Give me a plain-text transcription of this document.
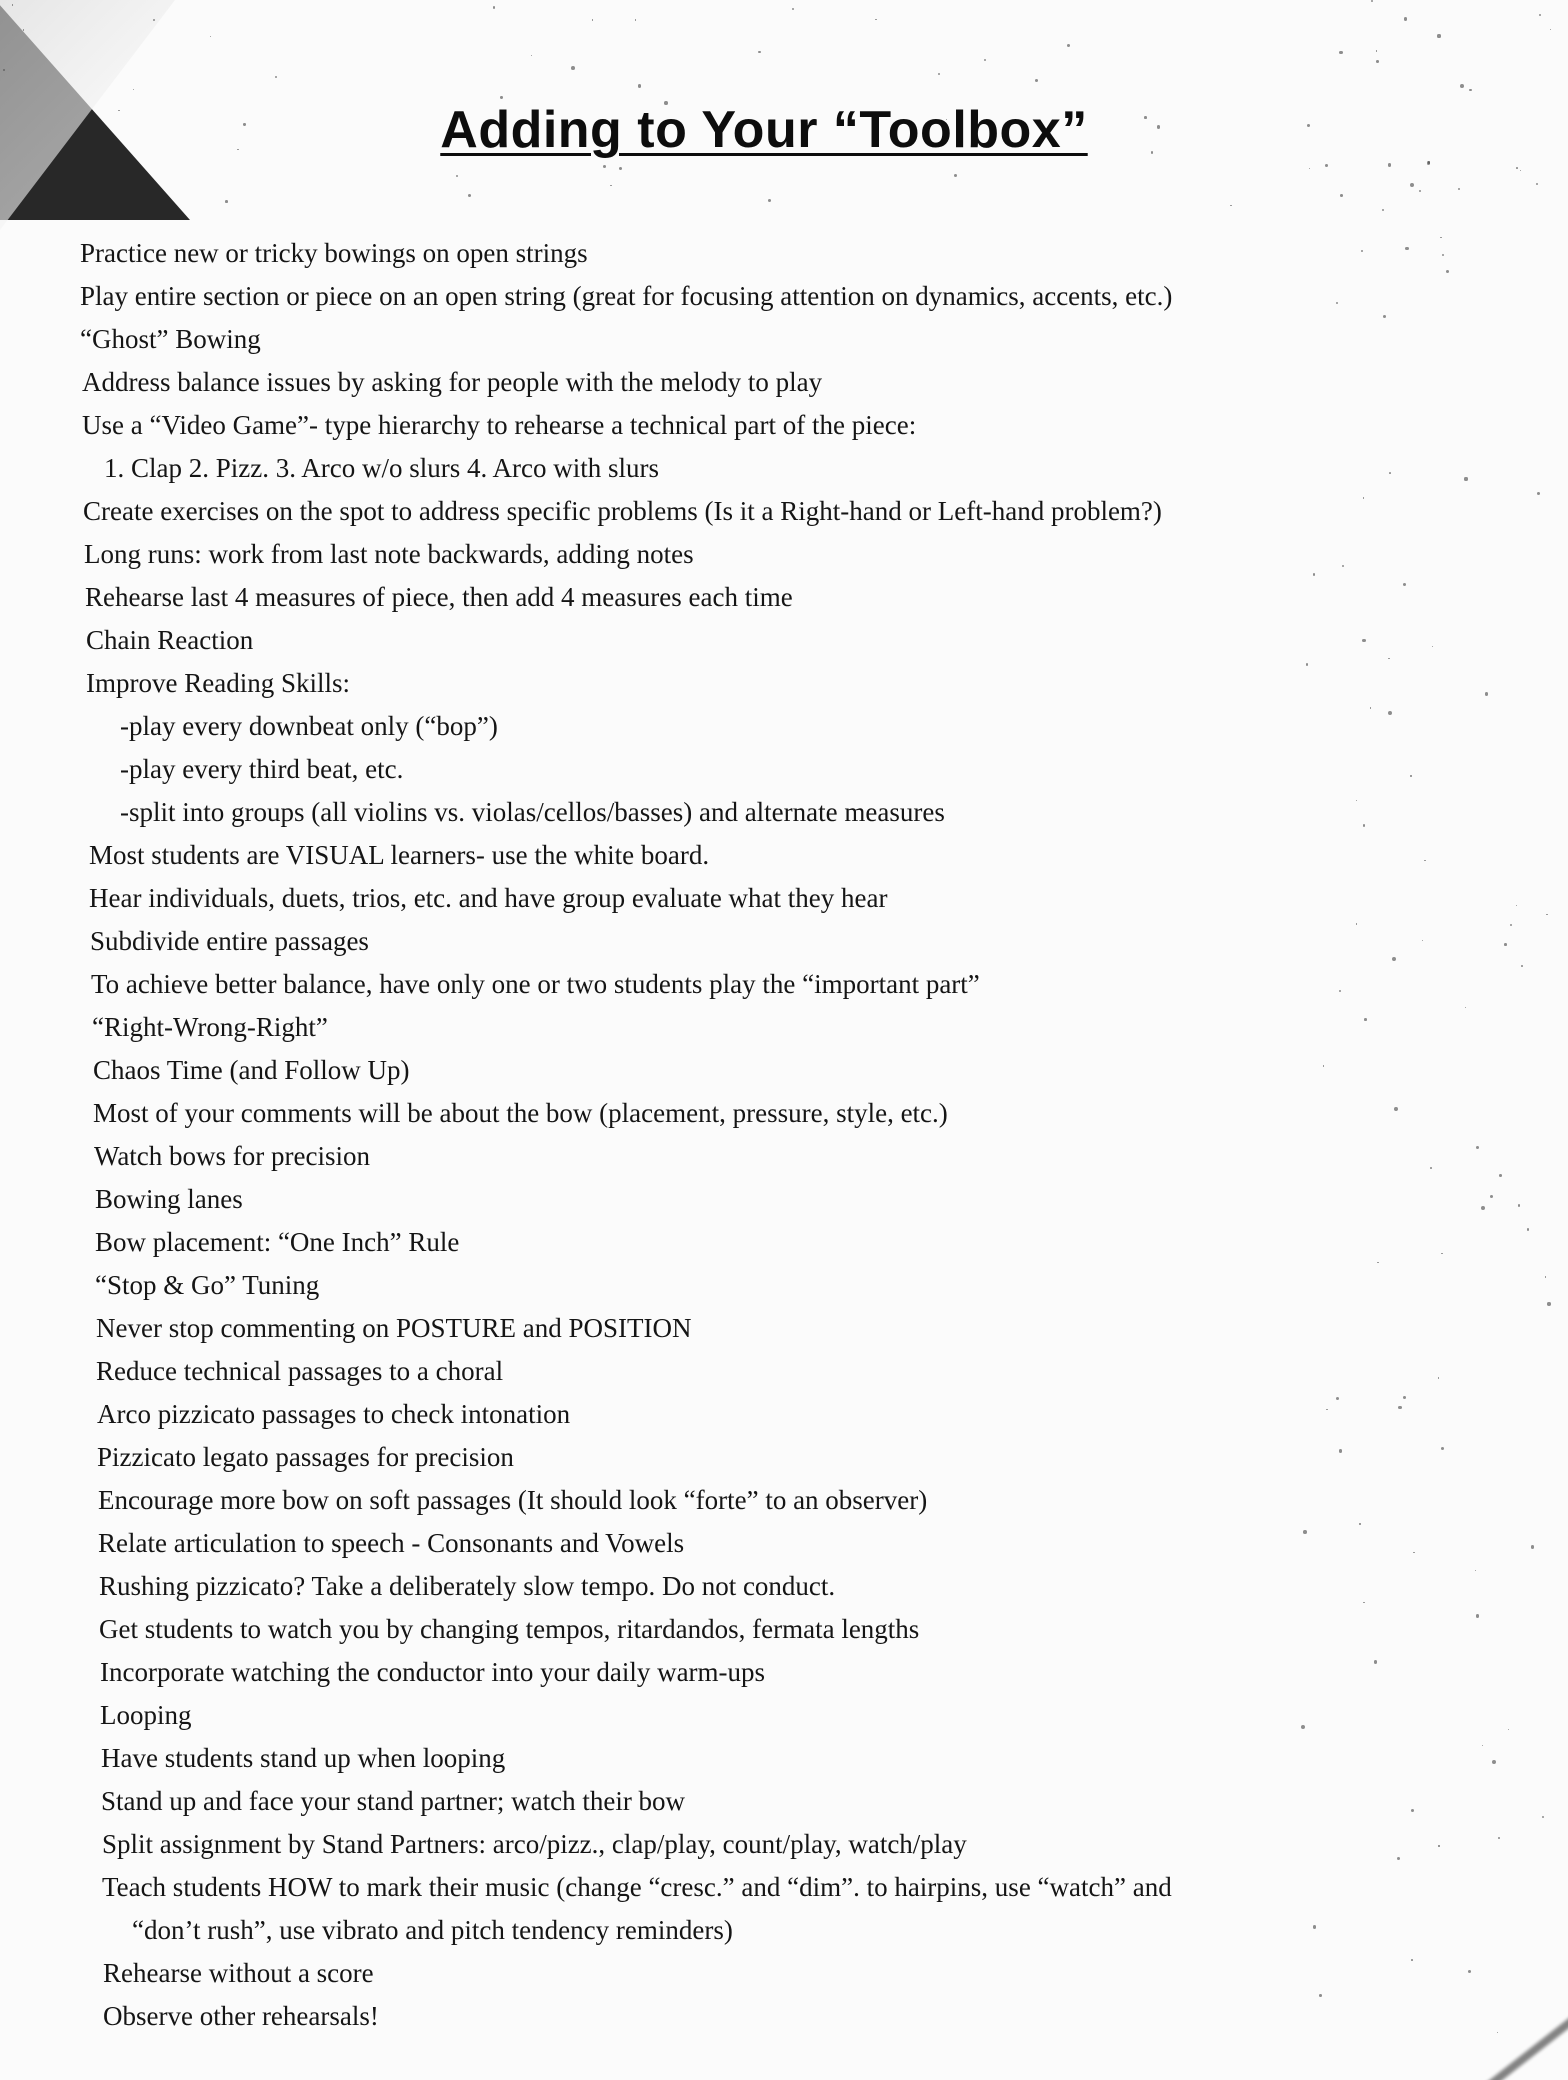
Adding to Your “Toolbox”
Practice new or tricky bowings on open strings
Play entire section or piece on an open string (great for focusing attention on dynamics, accents, etc.)
“Ghost” Bowing
Address balance issues by asking for people with the melody to play
Use a “Video Game”- type hierarchy to rehearse a technical part of the piece:
1. Clap 2. Pizz. 3. Arco w/o slurs 4. Arco with slurs
Create exercises on the spot to address specific problems (Is it a Right-hand or Left-hand problem?)
Long runs: work from last note backwards, adding notes
Rehearse last 4 measures of piece, then add 4 measures each time
Chain Reaction
Improve Reading Skills:
-play every downbeat only (“bop”)
-play every third beat, etc.
-split into groups (all violins vs. violas/cellos/basses) and alternate measures
Most students are VISUAL learners- use the white board.
Hear individuals, duets, trios, etc. and have group evaluate what they hear
Subdivide entire passages
To achieve better balance, have only one or two students play the “important part”
“Right-Wrong-Right”
Chaos Time (and Follow Up)
Most of your comments will be about the bow (placement, pressure, style, etc.)
Watch bows for precision
Bowing lanes
Bow placement: “One Inch” Rule
“Stop & Go” Tuning
Never stop commenting on POSTURE and POSITION
Reduce technical passages to a choral
Arco pizzicato passages to check intonation
Pizzicato legato passages for precision
Encourage more bow on soft passages (It should look “forte” to an observer)
Relate articulation to speech - Consonants and Vowels
Rushing pizzicato? Take a deliberately slow tempo. Do not conduct.
Get students to watch you by changing tempos, ritardandos, fermata lengths
Incorporate watching the conductor into your daily warm-ups
Looping
Have students stand up when looping
Stand up and face your stand partner; watch their bow
Split assignment by Stand Partners: arco/pizz., clap/play, count/play, watch/play
Teach students HOW to mark their music (change “cresc.” and “dim”. to hairpins, use “watch” and
“don’t rush”, use vibrato and pitch tendency reminders)
Rehearse without a score
Observe other rehearsals!
